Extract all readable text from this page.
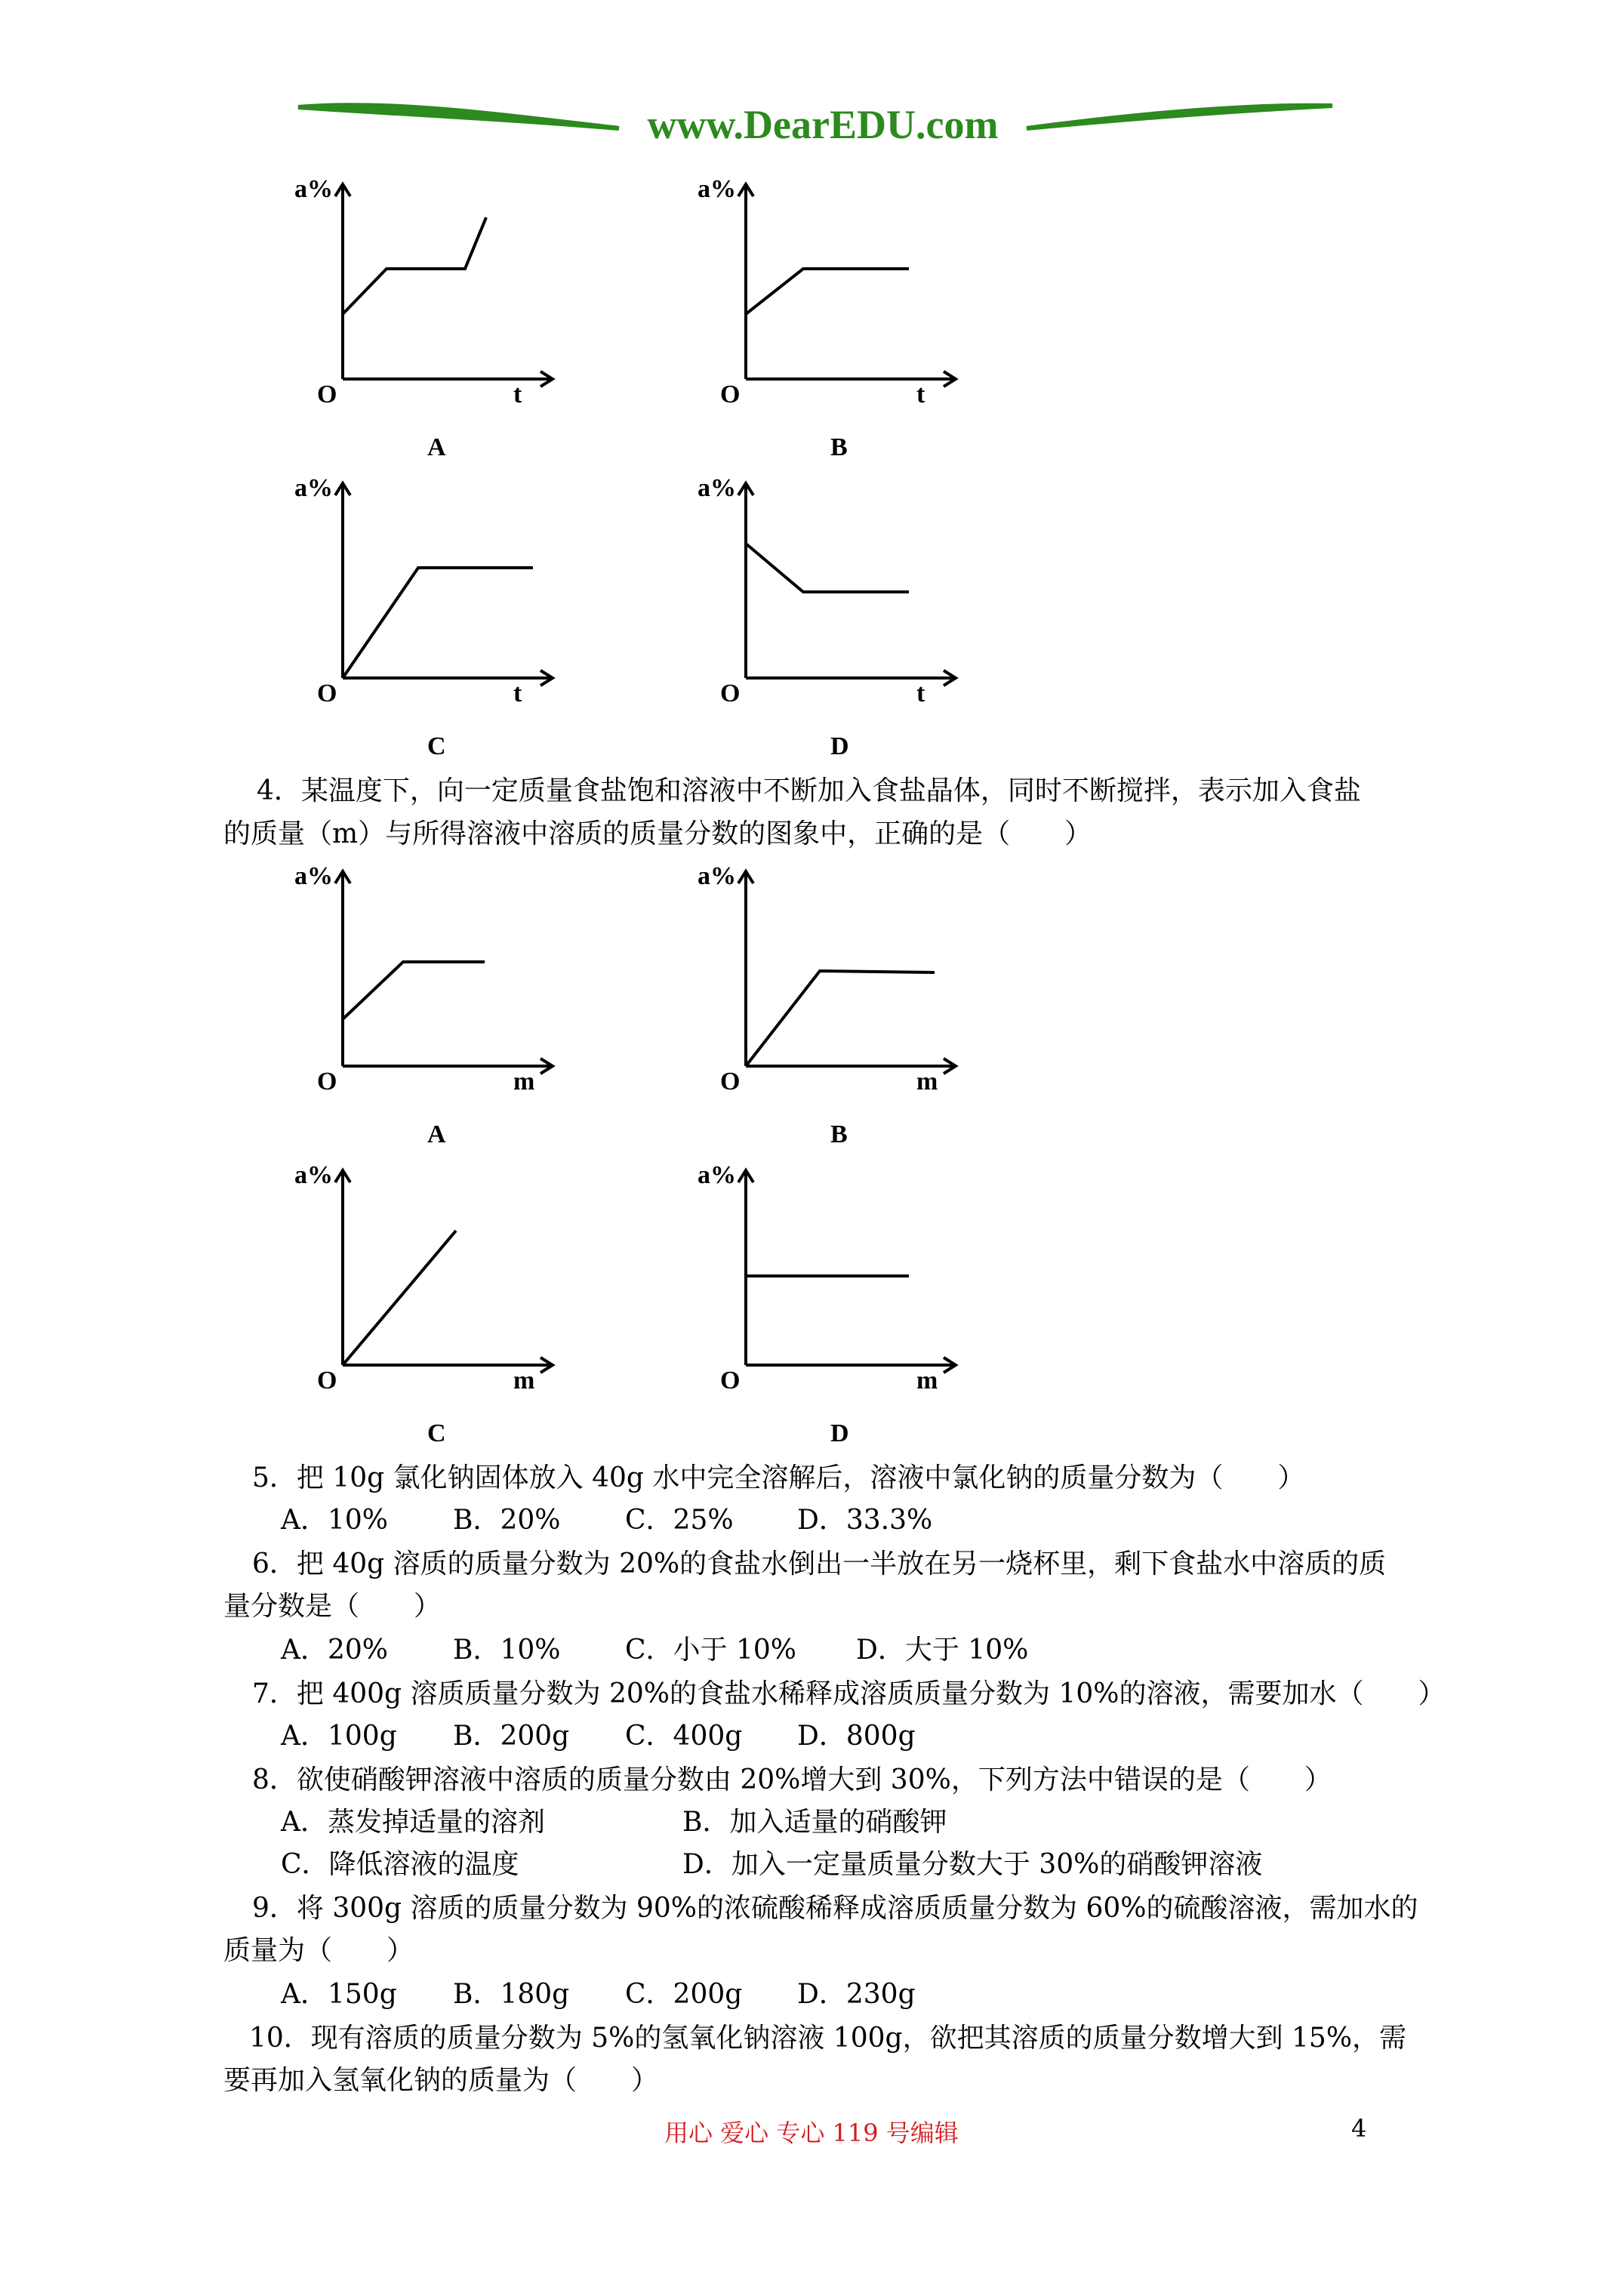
www.DearEDU.com
a%
O	t
A
a%
O	t
B
a%
O	t
C
a%
O	t
D
4．某温度下，向一定质量食盐饱和溶液中不断加入食盐晶体，同时不断搅拌，表示加入食盐
的质量（m）与所得溶液中溶质的质量分数的图象中，正确的是（　　）
a%
O	m
A
a%
O	m
B
a%
O	m
C
a%
O	m
D
5．把 10g 氯化钠固体放入 40g 水中完全溶解后，溶液中氯化钠的质量分数为（　　）
A．10% B．20% C．25% D．33.3%
6．把 40g 溶质的质量分数为 20%的食盐水倒出一半放在另一烧杯里，剩下食盐水中溶质的质
量分数是（　　）
A．20% B．10% C．小于 10% D．大于 10%
7．把 400g 溶质质量分数为 20%的食盐水稀释成溶质质量分数为 10%的溶液，需要加水（　　）
A．100g B．200g C．400g D．800g
8．欲使硝酸钾溶液中溶质的质量分数由 20%增大到 30%，下列方法中错误的是（　　）
A．蒸发掉适量的溶剂	B．加入适量的硝酸钾
C．降低溶液的温度	D．加入一定量质量分数大于 30%的硝酸钾溶液
9．将 300g 溶质的质量分数为 90%的浓硫酸稀释成溶质质量分数为 60%的硫酸溶液，需加水的
质量为（　　）
A．150g B．180g C．200g D．230g
10．现有溶质的质量分数为 5%的氢氧化钠溶液 100g，欲把其溶质的质量分数增大到 15%，需
要再加入氢氧化钠的质量为（　　）
用心 爱心 专心 119 号编辑	4
